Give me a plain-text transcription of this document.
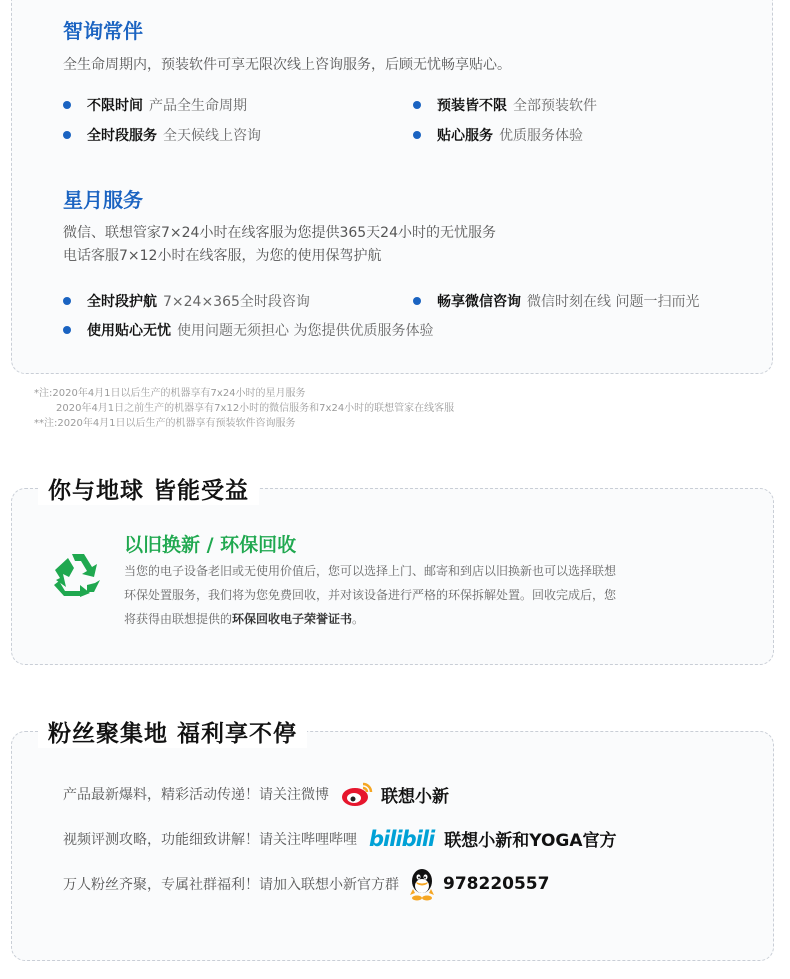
智询常伴
全生命周期内，预装软件可享无限次线上咨询服务，后顾无忧畅享贴心。
不限时间 产品全生命周期	预装皆不限 全部预装软件
全时段服务 全天候线上咨询	贴心服务 优质服务体验
星月服务
微信、联想管家7×24小时在线客服为您提供365天24小时的无忧服务
电话客服7×12小时在线客服，为您的使用保驾护航
全时段护航 7×24×365全时段咨询	畅享微信咨询 微信时刻在线 问题一扫而光
使用贴心无忧 使用问题无须担心 为您提供优质服务体验
*注:2020年4月1日以后生产的机器享有7x24小时的星月服务
2020年4月1日之前生产的机器享有7x12小时的微信服务和7x24小时的联想管家在线客服
**注:2020年4月1日以后生产的机器享有预装软件咨询服务
你与地球 皆能受益
以旧换新 / 环保回收
当您的电子设备老旧或无使用价值后，您可以选择上门、邮寄和到店以旧换新也可以选择联想
环保处置服务，我们将为您免费回收，并对该设备进行严格的环保拆解处置。回收完成后，您
将获得由联想提供的环保回收电子荣誉证书。
粉丝聚集地 福利享不停
产品最新爆料，精彩活动传递！请关注微博	联想小新
视频评测攻略，功能细致讲解！请关注哔哩哔哩 bilibili 联想小新和YOGA官方
万人粉丝齐聚，专属社群福利！请加入联想小新官方群	978220557
